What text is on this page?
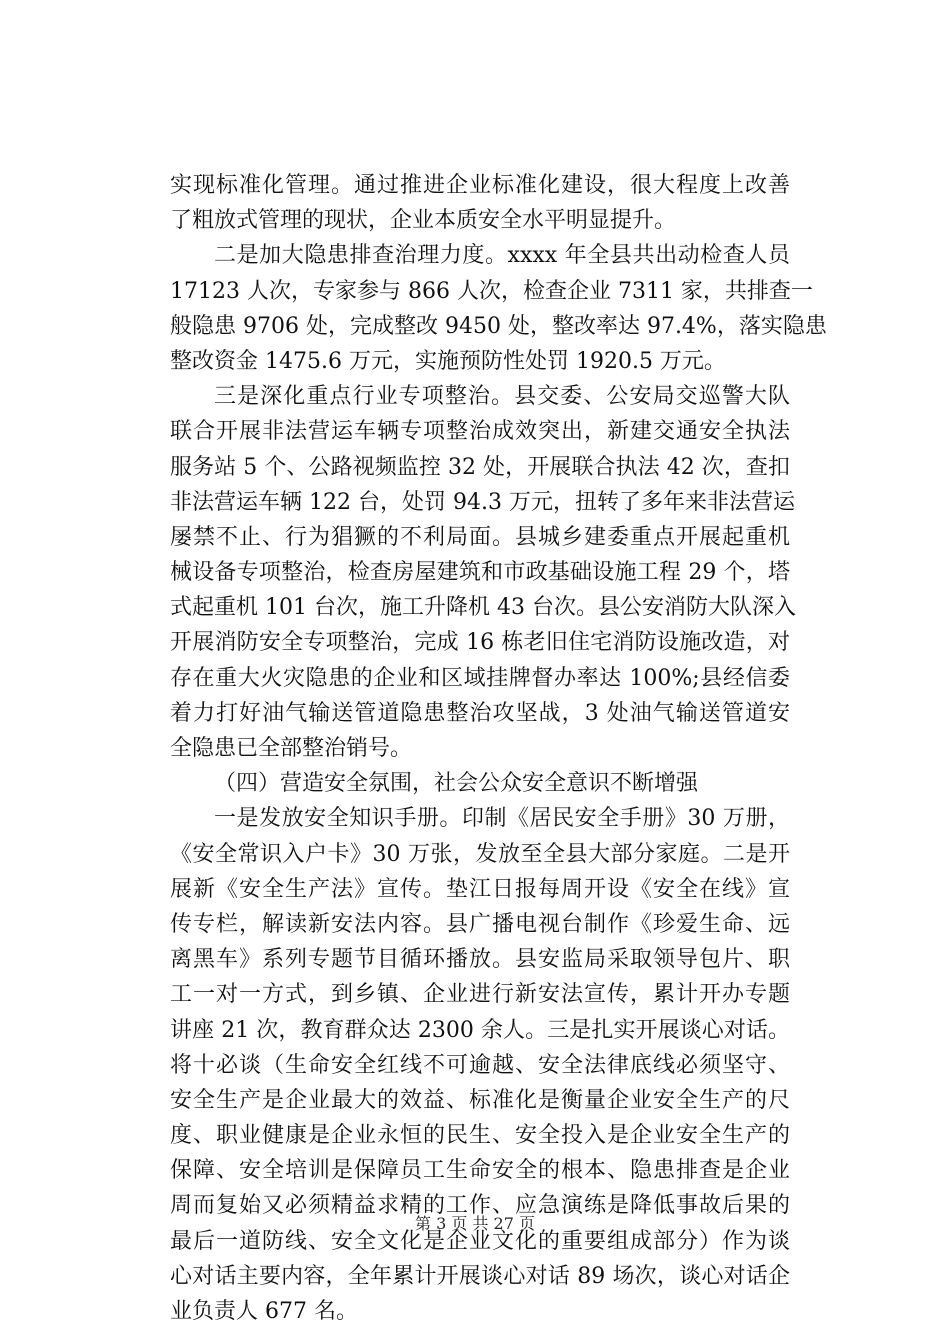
实现标准化管理。通过推进企业标准化建设，很大程度上改善
了粗放式管理的现状，企业本质安全水平明显提升。
二是加大隐患排查治理力度。xxxx 年全县共出动检查人员
17123 人次，专家参与 866 人次，检查企业 7311 家，共排查一
般隐患 9706 处，完成整改 9450 处，整改率达 97.4%，落实隐患
整改资金 1475.6 万元，实施预防性处罚 1920.5 万元。
三是深化重点行业专项整治。县交委、公安局交巡警大队
联合开展非法营运车辆专项整治成效突出，新建交通安全执法
服务站 5 个、公路视频监控 32 处，开展联合执法 42 次，查扣
非法营运车辆 122 台，处罚 94.3 万元，扭转了多年来非法营运
屡禁不止、行为猖獗的不利局面。县城乡建委重点开展起重机
械设备专项整治，检查房屋建筑和市政基础设施工程 29 个，塔
式起重机 101 台次，施工升降机 43 台次。县公安消防大队深入
开展消防安全专项整治，完成 16 栋老旧住宅消防设施改造，对
存在重大火灾隐患的企业和区域挂牌督办率达 100%;县经信委
着力打好油气输送管道隐患整治攻坚战，3 处油气输送管道安
全隐患已全部整治销号。
（四）营造安全氛围，社会公众安全意识不断增强
一是发放安全知识手册。印制《居民安全手册》30 万册，
《安全常识入户卡》30 万张，发放至全县大部分家庭。二是开
展新《安全生产法》宣传。垫江日报每周开设《安全在线》宣
传专栏，解读新安法内容。县广播电视台制作《珍爱生命、远
离黑车》系列专题节目循环播放。县安监局采取领导包片、职
工一对一方式，到乡镇、企业进行新安法宣传，累计开办专题
讲座 21 次，教育群众达 2300 余人。三是扎实开展谈心对话。
将十必谈（生命安全红线不可逾越、安全法律底线必须坚守、
安全生产是企业最大的效益、标准化是衡量企业安全生产的尺
度、职业健康是企业永恒的民生、安全投入是企业安全生产的
保障、安全培训是保障员工生命安全的根本、隐患排查是企业
周而复始又必须精益求精的工作、应急演练是降低事故后果的
最后一道防线、安全文化是企业文化的重要组成部分）作为谈
心对话主要内容，全年累计开展谈心对话 89 场次，谈心对话企
业负责人 677 名。
第 3 页 共 27 页
